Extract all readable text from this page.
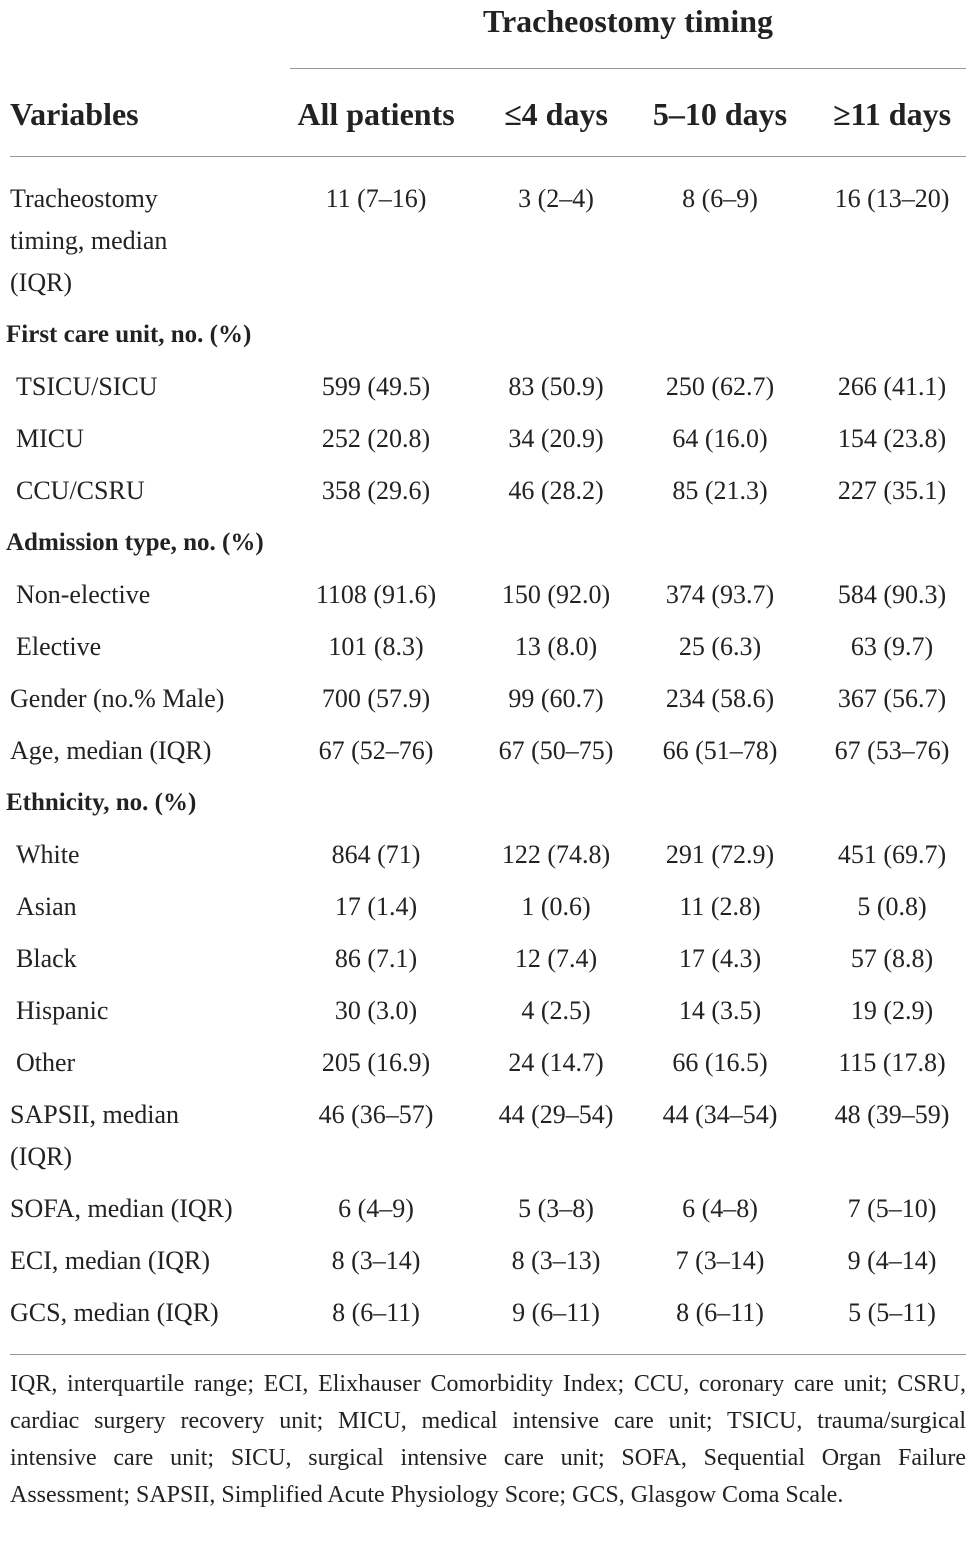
Tracheostomy timing
Variables	All patients	≤4 days	5–10 days	≥11 days
Tracheostomy	11 (7–16)	3 (2–4)	8 (6–9)	16 (13–20)
timing, median
(IQR)
First care unit, no. (%)
TSICU/SICU	599 (49.5)	83 (50.9)	250 (62.7)	266 (41.1)
MICU	252 (20.8)	34 (20.9)	64 (16.0)	154 (23.8)
CCU/CSRU	358 (29.6)	46 (28.2)	85 (21.3)	227 (35.1)
Admission type, no. (%)
Non-elective	1108 (91.6)	150 (92.0)	374 (93.7)	584 (90.3)
Elective	101 (8.3)	13 (8.0)	25 (6.3)	63 (9.7)
Gender (no.% Male)	700 (57.9)	99 (60.7)	234 (58.6)	367 (56.7)
Age, median (IQR)	67 (52–76)	67 (50–75)	66 (51–78)	67 (53–76)
Ethnicity, no. (%)
White	864 (71)	122 (74.8)	291 (72.9)	451 (69.7)
Asian	17 (1.4)	1 (0.6)	11 (2.8)	5 (0.8)
Black	86 (7.1)	12 (7.4)	17 (4.3)	57 (8.8)
Hispanic	30 (3.0)	4 (2.5)	14 (3.5)	19 (2.9)
Other	205 (16.9)	24 (14.7)	66 (16.5)	115 (17.8)
SAPSII, median	46 (36–57)	44 (29–54)	44 (34–54)	48 (39–59)
(IQR)
SOFA, median (IQR)	6 (4–9)	5 (3–8)	6 (4–8)	7 (5–10)
ECI, median (IQR)	8 (3–14)	8 (3–13)	7 (3–14)	9 (4–14)
GCS, median (IQR)	8 (6–11)	9 (6–11)	8 (6–11)	5 (5–11)
IQR, interquartile range; ECI, Elixhauser Comorbidity Index; CCU, coronary care unit; CSRU, cardiac surgery recovery unit; MICU, medical intensive care unit; TSICU, trauma/surgical intensive care unit; SICU, surgical intensive care unit; SOFA, Sequential Organ Failure Assessment; SAPSII, Simplified Acute Physiology Score; GCS, Glasgow Coma Scale.
